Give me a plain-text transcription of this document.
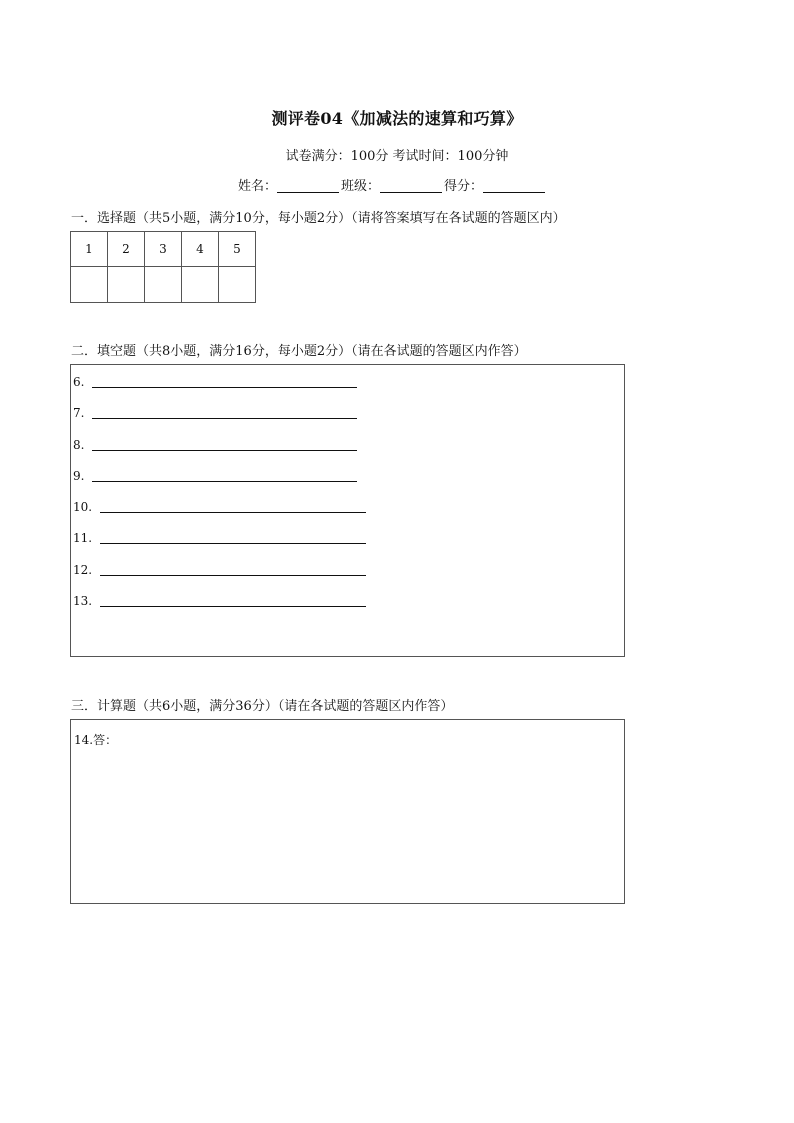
测评卷04《加减法的速算和巧算》
试卷满分：100分 考试时间：100分钟
姓名：	班级：	得分：
一．选择题（共5小题，满分10分，每小题2分）（请将答案填写在各试题的答题区内）
1	2	3	4	5

二．填空题（共8小题，满分16分，每小题2分）（请在各试题的答题区内作答）
6.
7.
8.
9.
10.
11.
12.
13.
三．计算题（共6小题，满分36分）（请在各试题的答题区内作答）
14.答：
